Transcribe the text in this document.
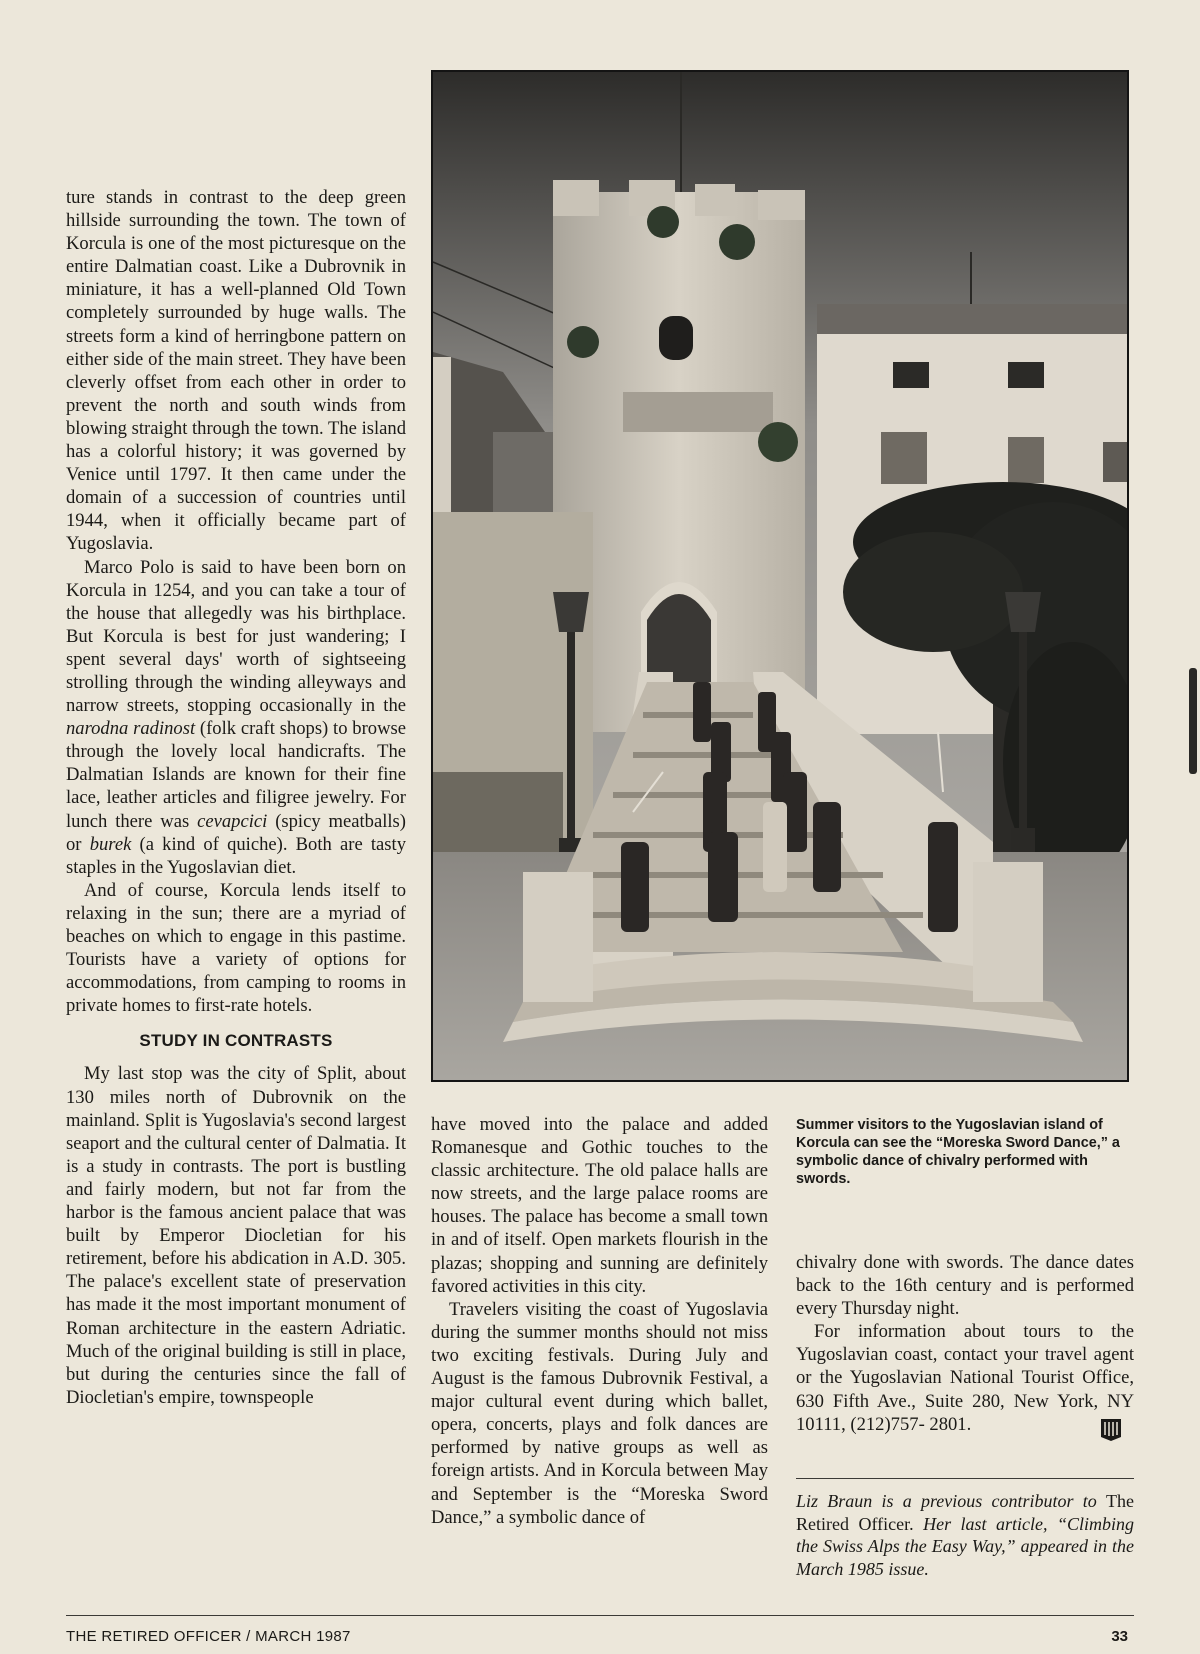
ture stands in contrast to the deep green hillside surrounding the town. The town of Korcula is one of the most picturesque on the entire Dalmatian coast. Like a Dubrovnik in miniature, it has a well-planned Old Town completely surrounded by huge walls. The streets form a kind of herringbone pattern on either side of the main street. They have been cleverly offset from each other in order to prevent the north and south winds from blowing straight through the town. The island has a colorful history; it was governed by Venice until 1797. It then came under the domain of a succession of countries until 1944, when it officially became part of Yugoslavia.

Marco Polo is said to have been born on Korcula in 1254, and you can take a tour of the house that allegedly was his birthplace. But Korcula is best for just wandering; I spent several days' worth of sightseeing strolling through the winding alleyways and narrow streets, stopping occasionally in the narodna radinost (folk craft shops) to browse through the lovely local handicrafts. The Dalmatian Islands are known for their fine lace, leather articles and filigree jewelry. For lunch there was cevapcici (spicy meatballs) or burek (a kind of quiche). Both are tasty staples in the Yugoslavian diet.

And of course, Korcula lends itself to relaxing in the sun; there are a myriad of beaches on which to engage in this pastime. Tourists have a variety of options for accommodations, from camping to rooms in private homes to first-rate hotels.

STUDY IN CONTRASTS

My last stop was the city of Split, about 130 miles north of Dubrovnik on the mainland. Split is Yugoslavia's second largest seaport and the cultural center of Dalmatia. It is a study in contrasts. The port is bustling and fairly modern, but not far from the harbor is the famous ancient palace that was built by Emperor Diocletian for his retirement, before his abdication in A.D. 305. The palace's excellent state of preservation has made it the most important monument of Roman architecture in the eastern Adriatic. Much of the original building is still in place, but during the centuries since the fall of Diocletian's empire, townspeople

Summer visitors to the Yugoslavian island of Korcula can see the “Moreska Sword Dance,” a symbolic dance of chivalry performed with swords.

have moved into the palace and added Romanesque and Gothic touches to the classic architecture. The old palace halls are now streets, and the large palace rooms are houses. The palace has become a small town in and of itself. Open markets flourish in the plazas; shopping and sunning are definitely favored activities in this city.

Travelers visiting the coast of Yugoslavia during the summer months should not miss two exciting festivals. During July and August is the famous Dubrovnik Festival, a major cultural event during which ballet, opera, concerts, plays and folk dances are performed by native groups as well as foreign artists. And in Korcula between May and September is the “Moreska Sword Dance,” a symbolic dance of

chivalry done with swords. The dance dates back to the 16th century and is performed every Thursday night.

For information about tours to the Yugoslavian coast, contact your travel agent or the Yugoslavian National Tourist Office, 630 Fifth Ave., Suite 280, New York, NY 10111, (212)757- 2801.

Liz Braun is a previous contributor to The Retired Officer. Her last article, “Climbing the Swiss Alps the Easy Way,” appeared in the March 1985 issue.
THE RETIRED OFFICER / MARCH 1987	33
